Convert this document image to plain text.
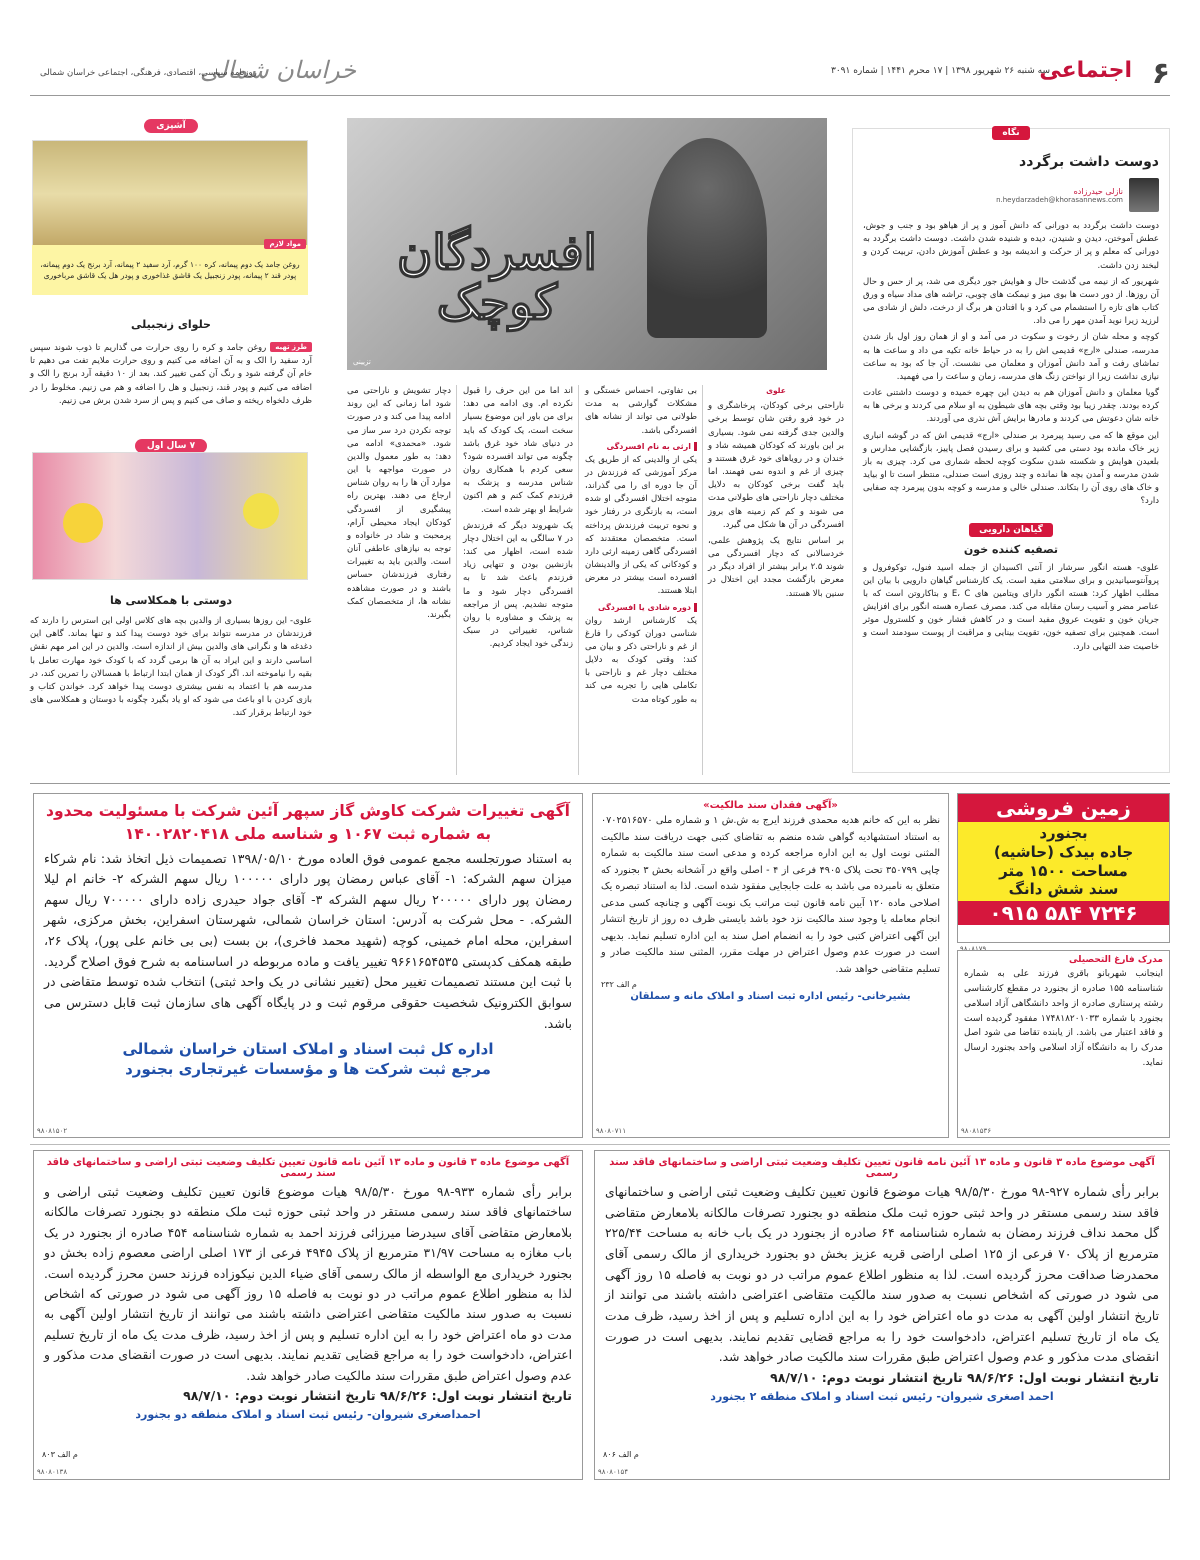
۶
اجتماعی
سه شنبه ۲۶ شهریور ۱۳۹۸ | ۱۷ محرم ۱۴۴۱ | شماره ۳۰۹۱
خراسان شمالی
روزنامه سیاسی، اقتصادی، فرهنگی، اجتماعی خراسان شمالی
نگاه
دوست داشت برگردد
نازلی حیدرزاده
n.heydarzadeh@khorasannews.com

دوست داشت برگردد به دورانی که دانش آموز و پر از هیاهو بود و جنب و جوش، عطش آموختن، دیدن و شنیدن، دیده و شنیده شدن داشت. دوست داشت برگردد به دورانی که معلم و پر از حرکت و اندیشه بود و عطش آموزش دادن، تربیت کردن و لبخند زدن داشت.

شهریور که از نیمه می گذشت حال و هوایش جور دیگری می شد، پر از حس و حال آن روزها. از دور دست ها بوی میز و نیمکت های چوبی، تراشه های مداد سیاه و ورق کتاب های تازه را استشمام می کرد و با افتادن هر برگ از درخت، دلش از شادی می لرزید زیرا نوید آمدن مهر را می داد.

کوچه و محله شان از رخوت و سکوت در می آمد و او از همان روز اول باز شدن مدرسه، صندلی «ارج» قدیمی اش را به در حیاط خانه تکیه می داد و ساعت ها به تماشای رفت و آمد دانش آموزان و معلمان می نشست. آن جا که بود به ساعت نیازی نداشت زیرا از نواختن زنگ های مدرسه، زمان و ساعت را می فهمید.

گویا معلمان و دانش آموزان هم به دیدن این چهره خمیده و دوست داشتنی عادت کرده بودند. چقدر زیبا بود وقتی بچه های شیطون به او سلام می کردند و برخی ها به خانه شان دعوتش می کردند و مادرها برایش آش نذری می آوردند.

این موقع ها که می رسید پیرمرد بر صندلی «ارج» قدیمی اش که در گوشه انباری زیر خاک مانده بود دستی می کشید و برای رسیدن فصل پاییز، بازگشایی مدارس و بلعیدن هوایش و شکسته شدن سکوت کوچه لحظه شماری می کرد. چیزی به باز شدن مدرسه و آمدن بچه ها نمانده و چند روزی است صندلی، منتظر است تا او بیاید و خاک های روی آن را بتکاند. صندلی خالی و مدرسه و کوچه بدون پیرمرد چه صفایی دارد؟

گیاهان دارویی
تصفیه کننده خون

علوی- هسته انگور سرشار از آنتی اکسیدان از جمله اسید فنول، توکوفرول و پروآنتوسیانیدین و برای سلامتی مفید است. یک کارشناس گیاهان دارویی با بیان این مطلب اظهار کرد: هسته انگور دارای ویتامین های E، C و بتاکاروتن است که با عناصر مضر و آسیب رسان مقابله می کند. مصرف عصاره هسته انگور برای افزایش جریان خون و تقویت عروق مفید است و در کاهش فشار خون و کلسترول موثر است. همچنین برای تصفیه خون، تقویت بینایی و مراقبت از پوست سودمند است و خاصیت ضد التهابی دارد.

افسردگان
کوچک
تزیینی
علوی

ناراحتی برخی کودکان، پرخاشگری و در خود فرو رفتن شان توسط برخی والدین جدی گرفته نمی شود. بسیاری بر این باورند که کودکان همیشه شاد و خندان و در رویاهای خود غرق هستند و چیزی از غم و اندوه نمی فهمند. اما باید گفت برخی کودکان به دلایل مختلف دچار ناراحتی های طولانی مدت می شوند و کم کم زمینه های بروز افسردگی در آن ها شکل می گیرد.

بر اساس نتایج یک پژوهش علمی، خردسالانی که دچار افسردگی می شوند ۲.۵ برابر بیشتر از افراد دیگر در معرض بازگشت مجدد این اختلال در سنین بالا هستند.

بی تفاوتی، احساس خستگی و مشکلات گوارشی به مدت طولانی می تواند از نشانه های افسردگی باشد.

ارثی به نام افسردگی

یکی از والدینی که از طریق یک مرکز آموزشی که فرزندش در آن جا دوره ای را می گذراند، متوجه اختلال افسردگی او شده است، به بازنگری در رفتار خود و نحوه تربیت فرزندش پرداخته است. متخصصان معتقدند که افسردگی گاهی زمینه ارثی دارد و کودکانی که یکی از والدینشان افسرده است بیشتر در معرض ابتلا هستند.

دوره شادی یا افسردگی

یک کارشناس ارشد روان شناسی دوران کودکی را فارغ از غم و ناراحتی ذکر و بیان می کند: وقتی کودک به دلایل مختلف دچار غم و ناراحتی با تکاملی هایی را تجربه می کند به طور کوتاه مدت

اند اما من این حرف را قبول نکرده ام. وی ادامه می دهد: برای من باور این موضوع بسیار سخت است، یک کودک که باید در دنیای شاد خود غرق باشد چگونه می تواند افسرده شود؟ سعی کردم با همکاری روان شناس مدرسه و پزشک به فرزندم کمک کنم و هم اکنون شرایط او بهتر شده است.

یک شهروند دیگر که فرزندش در ۷ سالگی به این اختلال دچار شده است، اظهار می کند: بازنشین بودن و تنهایی زیاد فرزندم باعث شد تا به افسردگی دچار شود و ما متوجه نشدیم. پس از مراجعه به پزشک و مشاوره با روان شناس، تغییراتی در سبک زندگی خود ایجاد کردیم.

دچار تشویش و ناراحتی می شود اما زمانی که این روند ادامه پیدا می کند و در صورت توجه نکردن درد سر ساز می شود. «محمدی» ادامه می دهد: به طور معمول والدین در صورت مواجهه با این موارد آن ها را به روان شناس ارجاع می دهند. بهترین راه پیشگیری از افسردگی کودکان ایجاد محیطی آرام، پرمحبت و شاد در خانواده و توجه به نیازهای عاطفی آنان است. والدین باید به تغییرات رفتاری فرزندشان حساس باشند و در صورت مشاهده نشانه ها، از متخصصان کمک بگیرند.

آشپزی
مواد لازم

روغن جامد یک دوم پیمانه، کره ۱۰۰ گرم، آرد سفید ۲ پیمانه، آرد برنج یک دوم پیمانه، پودر قند ۲ پیمانه، پودر زنجبیل یک قاشق غذاخوری و پودر هل یک قاشق مرباخوری

حلوای زنجبیلی
طرز تهیه

روغن جامد و کره را روی حرارت می گذاریم تا ذوب شوند سپس آرد سفید را الک و به آن اضافه می کنیم و روی حرارت ملایم تفت می دهیم تا خام آن گرفته شود و رنگ آن کمی تغییر کند. بعد از ۱۰ دقیقه آرد برنج را الک و اضافه می کنیم و پودر قند، زنجبیل و هل را اضافه و هم می زنیم. مخلوط را در ظرف دلخواه ریخته و صاف می کنیم و پس از سرد شدن برش می زنیم.

۷ سال اول
دوستی با همکلاسی ها

علوی- این روزها بسیاری از والدین بچه های کلاس اولی این استرس را دارند که فرزندشان در مدرسه نتواند برای خود دوست پیدا کند و تنها بماند. گاهی این دغدغه ها و نگرانی های والدین بیش از اندازه است. والدین در این امر مهم نقش اساسی دارند و این ایراد به آن ها برمی گردد که با کودک خود مهارت تعامل با بقیه را نیاموخته اند. اگر کودک از همان ابتدا ارتباط با همسالان را تمرین کند، در مدرسه هم با اعتماد به نفس بیشتری دوست پیدا خواهد کرد. خواندن کتاب و بازی کردن با او باعث می شود که او یاد بگیرد چگونه با دوستان و همکلاسی های خود ارتباط برقرار کند.

زمین فروشی
بجنورد
جاده بیدک (حاشیه)
مساحت ۱۵۰۰ متر
سند شش دانگ
۰۹۱۵ ۵۸۴ ۷۲۴۶
۹۸۰۸۱۷۹
مدرک فارغ التحصیلی

اینجانب شهربانو باقری فرزند علی به شماره شناسنامه ۱۵۵ صادره از بجنورد در مقطع کارشناسی رشته پرستاری صادره از واحد دانشگاهی آزاد اسلامی بجنورد با شماره ۱۷۴۸۱۸۲۰۱۰۳۳ مفقود گردیده است و فاقد اعتبار می باشد. از یابنده تقاضا می شود اصل مدرک را به دانشگاه آزاد اسلامی واحد بجنورد ارسال نماید.

۹۸۰۸۱۵۳۶
«آگهی فقدان سند مالکیت»

نظر به این که خانم هدیه محمدی فرزند ایرج به ش.ش ۱ و شماره ملی ۰۷۰۲۵۱۶۵۷۰ به استناد استشهادیه گواهی شده منضم به تقاضای کتبی جهت دریافت سند مالکیت المثنی نوبت اول به این اداره مراجعه کرده و مدعی است سند مالکیت به شماره چاپی ۳۵۰۷۹۹ تحت پلاک ۴۹۰۵ فرعی از ۴ - اصلی واقع در آشخانه بخش ۳ بجنورد که متعلق به نامبرده می باشد به علت جابجایی مفقود شده است. لذا به استناد تبصره یک اصلاحی ماده ۱۲۰ آیین نامه قانون ثبت مراتب یک نوبت آگهی و چنانچه کسی مدعی انجام معامله یا وجود سند مالکیت نزد خود باشد بایستی ظرف ده روز از تاریخ انتشار این آگهی اعتراض کتبی خود را به انضمام اصل سند به این اداره تسلیم نماید. بدیهی است در صورت عدم وصول اعتراض در مهلت مقرر، المثنی سند مالکیت صادر و تسلیم متقاضی خواهد شد.

م الف ۲۳۲
بشیرخانی- رئیس اداره ثبت اسناد و املاک مانه و سملقان
۹۸۰۸۰۷۱۱
آگهی تغییرات شرکت کاوش گاز سپهر آئین شرکت با مسئولیت محدود به شماره ثبت ۱۰۶۷ و شناسه ملی ۱۴۰۰۲۸۲۰۴۱۸

به استناد صورتجلسه مجمع عمومی فوق العاده مورخ ۱۳۹۸/۰۵/۱۰ تصمیمات ذیل اتخاذ شد: نام شرکاء میزان سهم الشرکه: ۱- آقای عباس رمضان پور دارای ۱۰۰۰۰۰ ریال سهم الشرکه ۲- خانم ام لیلا رمضان پور دارای ۲۰۰۰۰۰ ریال سهم الشرکه ۳- آقای جواد حیدری زاده دارای ۷۰۰۰۰۰ ریال سهم الشرکه. - محل شرکت به آدرس: استان خراسان شمالی، شهرستان اسفراین، بخش مرکزی، شهر اسفراین، محله امام خمینی، کوچه (شهید محمد فاخری)، بن بست (بی بی خانم علی پور)، پلاک ۲۶، طبقه همکف کدپستی ۹۶۶۱۶۵۴۵۳۵ تغییر یافت و ماده مربوطه در اساسنامه به شرح فوق اصلاح گردید. با ثبت این مستند تصمیمات تغییر محل (تغییر نشانی در یک واحد ثبتی) انتخاب شده توسط متقاضی در سوابق الکترونیک شخصیت حقوقی مرقوم ثبت و در پایگاه آگهی های سازمان ثبت قابل دسترس می باشد.

اداره کل ثبت اسناد و املاک استان خراسان شمالی
مرجع ثبت شرکت ها و مؤسسات غیرتجاری بجنورد
۹۸۰۸۱۵۰۲
آگهی موضوع ماده ۳ قانون و ماده ۱۳ آئین نامه قانون تعیین تکلیف وضعیت ثبتی اراضی و ساختمانهای فاقد سند رسمی

برابر رأی شماره ۹۲۷-۹۸ مورخ ۹۸/۵/۳۰ هیات موضوع قانون تعیین تکلیف وضعیت ثبتی اراضی و ساختمانهای فاقد سند رسمی مستقر در واحد ثبتی حوزه ثبت ملک منطقه دو بجنورد تصرفات مالکانه بلامعارض متقاضی گل محمد نداف فرزند رمضان به شماره شناسنامه ۶۴ صادره از بجنورد در یک باب خانه به مساحت ۲۲۵/۴۴ مترمربع از پلاک ۷۰ فرعی از ۱۲۵ اصلی اراضی قریه عزیز بخش دو بجنورد خریداری از مالک رسمی آقای محمدرضا صداقت محرز گردیده است. لذا به منظور اطلاع عموم مراتب در دو نوبت به فاصله ۱۵ روز آگهی می شود در صورتی که اشخاص نسبت به صدور سند مالکیت متقاضی اعتراضی داشته باشند می توانند از تاریخ انتشار اولین آگهی به مدت دو ماه اعتراض خود را به این اداره تسلیم و پس از اخذ رسید، ظرف مدت یک ماه از تاریخ تسلیم اعتراض، دادخواست خود را به مراجع قضایی تقدیم نمایند. بدیهی است در صورت انقضای مدت مذکور و عدم وصول اعتراض طبق مقررات سند مالکیت صادر خواهد شد.

تاریخ انتشار نوبت اول: ۹۸/۶/۲۶ تاریخ انتشار نوبت دوم: ۹۸/۷/۱۰
احمد اصغری شیروان- رئیس ثبت اسناد و املاک منطقه ۲ بجنورد
م الف ۸۰۶
۹۸۰۸۰۱۵۴
آگهی موضوع ماده ۳ قانون و ماده ۱۳ آئین نامه قانون تعیین تکلیف وضعیت ثبتی اراضی و ساختمانهای فاقد سند رسمی

برابر رأی شماره ۹۳۳-۹۸ مورخ ۹۸/۵/۳۰ هیات موضوع قانون تعیین تکلیف وضعیت ثبتی اراضی و ساختمانهای فاقد سند رسمی مستقر در واحد ثبتی حوزه ثبت ملک منطقه دو بجنورد تصرفات مالکانه بلامعارض متقاضی آقای سیدرضا میرزائی فرزند احمد به شماره شناسنامه ۴۵۴ صادره از بجنورد در یک باب مغازه به مساحت ۳۱/۹۷ مترمربع از پلاک ۴۹۴۵ فرعی از ۱۷۳ اصلی اراضی معصوم زاده بخش دو بجنورد خریداری مع الواسطه از مالک رسمی آقای ضیاء الدین نیکوزاده فرزند حسن محرز گردیده است. لذا به منظور اطلاع عموم مراتب در دو نوبت به فاصله ۱۵ روز آگهی می شود در صورتی که اشخاص نسبت به صدور سند مالکیت متقاضی اعتراضی داشته باشند می توانند از تاریخ انتشار اولین آگهی به مدت دو ماه اعتراض خود را به این اداره تسلیم و پس از اخذ رسید، ظرف مدت یک ماه از تاریخ تسلیم اعتراض، دادخواست خود را به مراجع قضایی تقدیم نمایند. بدیهی است در صورت انقضای مدت مذکور و عدم وصول اعتراض طبق مقررات سند مالکیت صادر خواهد شد.

تاریخ انتشار نوبت اول: ۹۸/۶/۲۶ تاریخ انتشار نوبت دوم: ۹۸/۷/۱۰
احمداصغری شیروان- رئیس ثبت اسناد و املاک منطقه دو بجنورد
م الف ۸۰۳
۹۸۰۸۰۱۳۸
